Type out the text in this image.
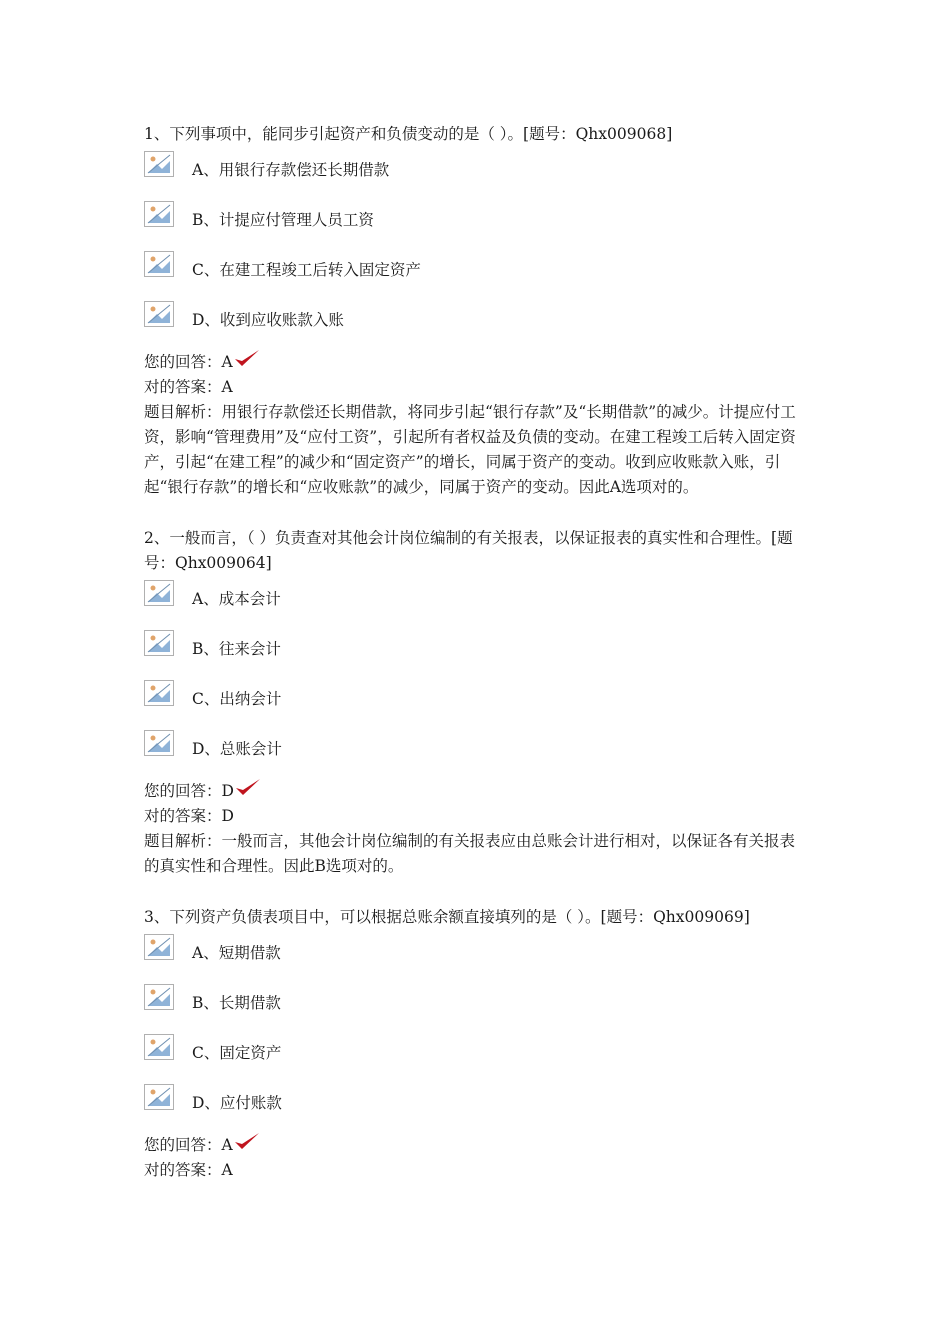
1、下列事项中，能同步引起资产和负债变动的是（ ）。[题号：Qhx009068]
A、用银行存款偿还长期借款
B、计提应付管理人员工资
C、在建工程竣工后转入固定资产
D、收到应收账款入账
您的回答：A
对的答案：A
题目解析：用银行存款偿还长期借款，将同步引起“银行存款”及“长期借款”的减少。计提应付工资，影响“管理费用”及“应付工资”，引起所有者权益及负债的变动。在建工程竣工后转入固定资产，引起“在建工程”的减少和“固定资产”的增长，同属于资产的变动。收到应收账款入账，引起“银行存款”的增长和“应收账款”的减少，同属于资产的变动。因此A选项对的。
2、一般而言，（ ）负责查对其他会计岗位编制的有关报表，以保证报表的真实性和合理性。[题号：Qhx009064]
A、成本会计
B、往来会计
C、出纳会计
D、总账会计
您的回答：D
对的答案：D
题目解析：一般而言，其他会计岗位编制的有关报表应由总账会计进行相对，以保证各有关报表的真实性和合理性。因此B选项对的。
3、下列资产负债表项目中，可以根据总账余额直接填列的是（ ）。[题号：Qhx009069]
A、短期借款
B、长期借款
C、固定资产
D、应付账款
您的回答：A
对的答案：A
